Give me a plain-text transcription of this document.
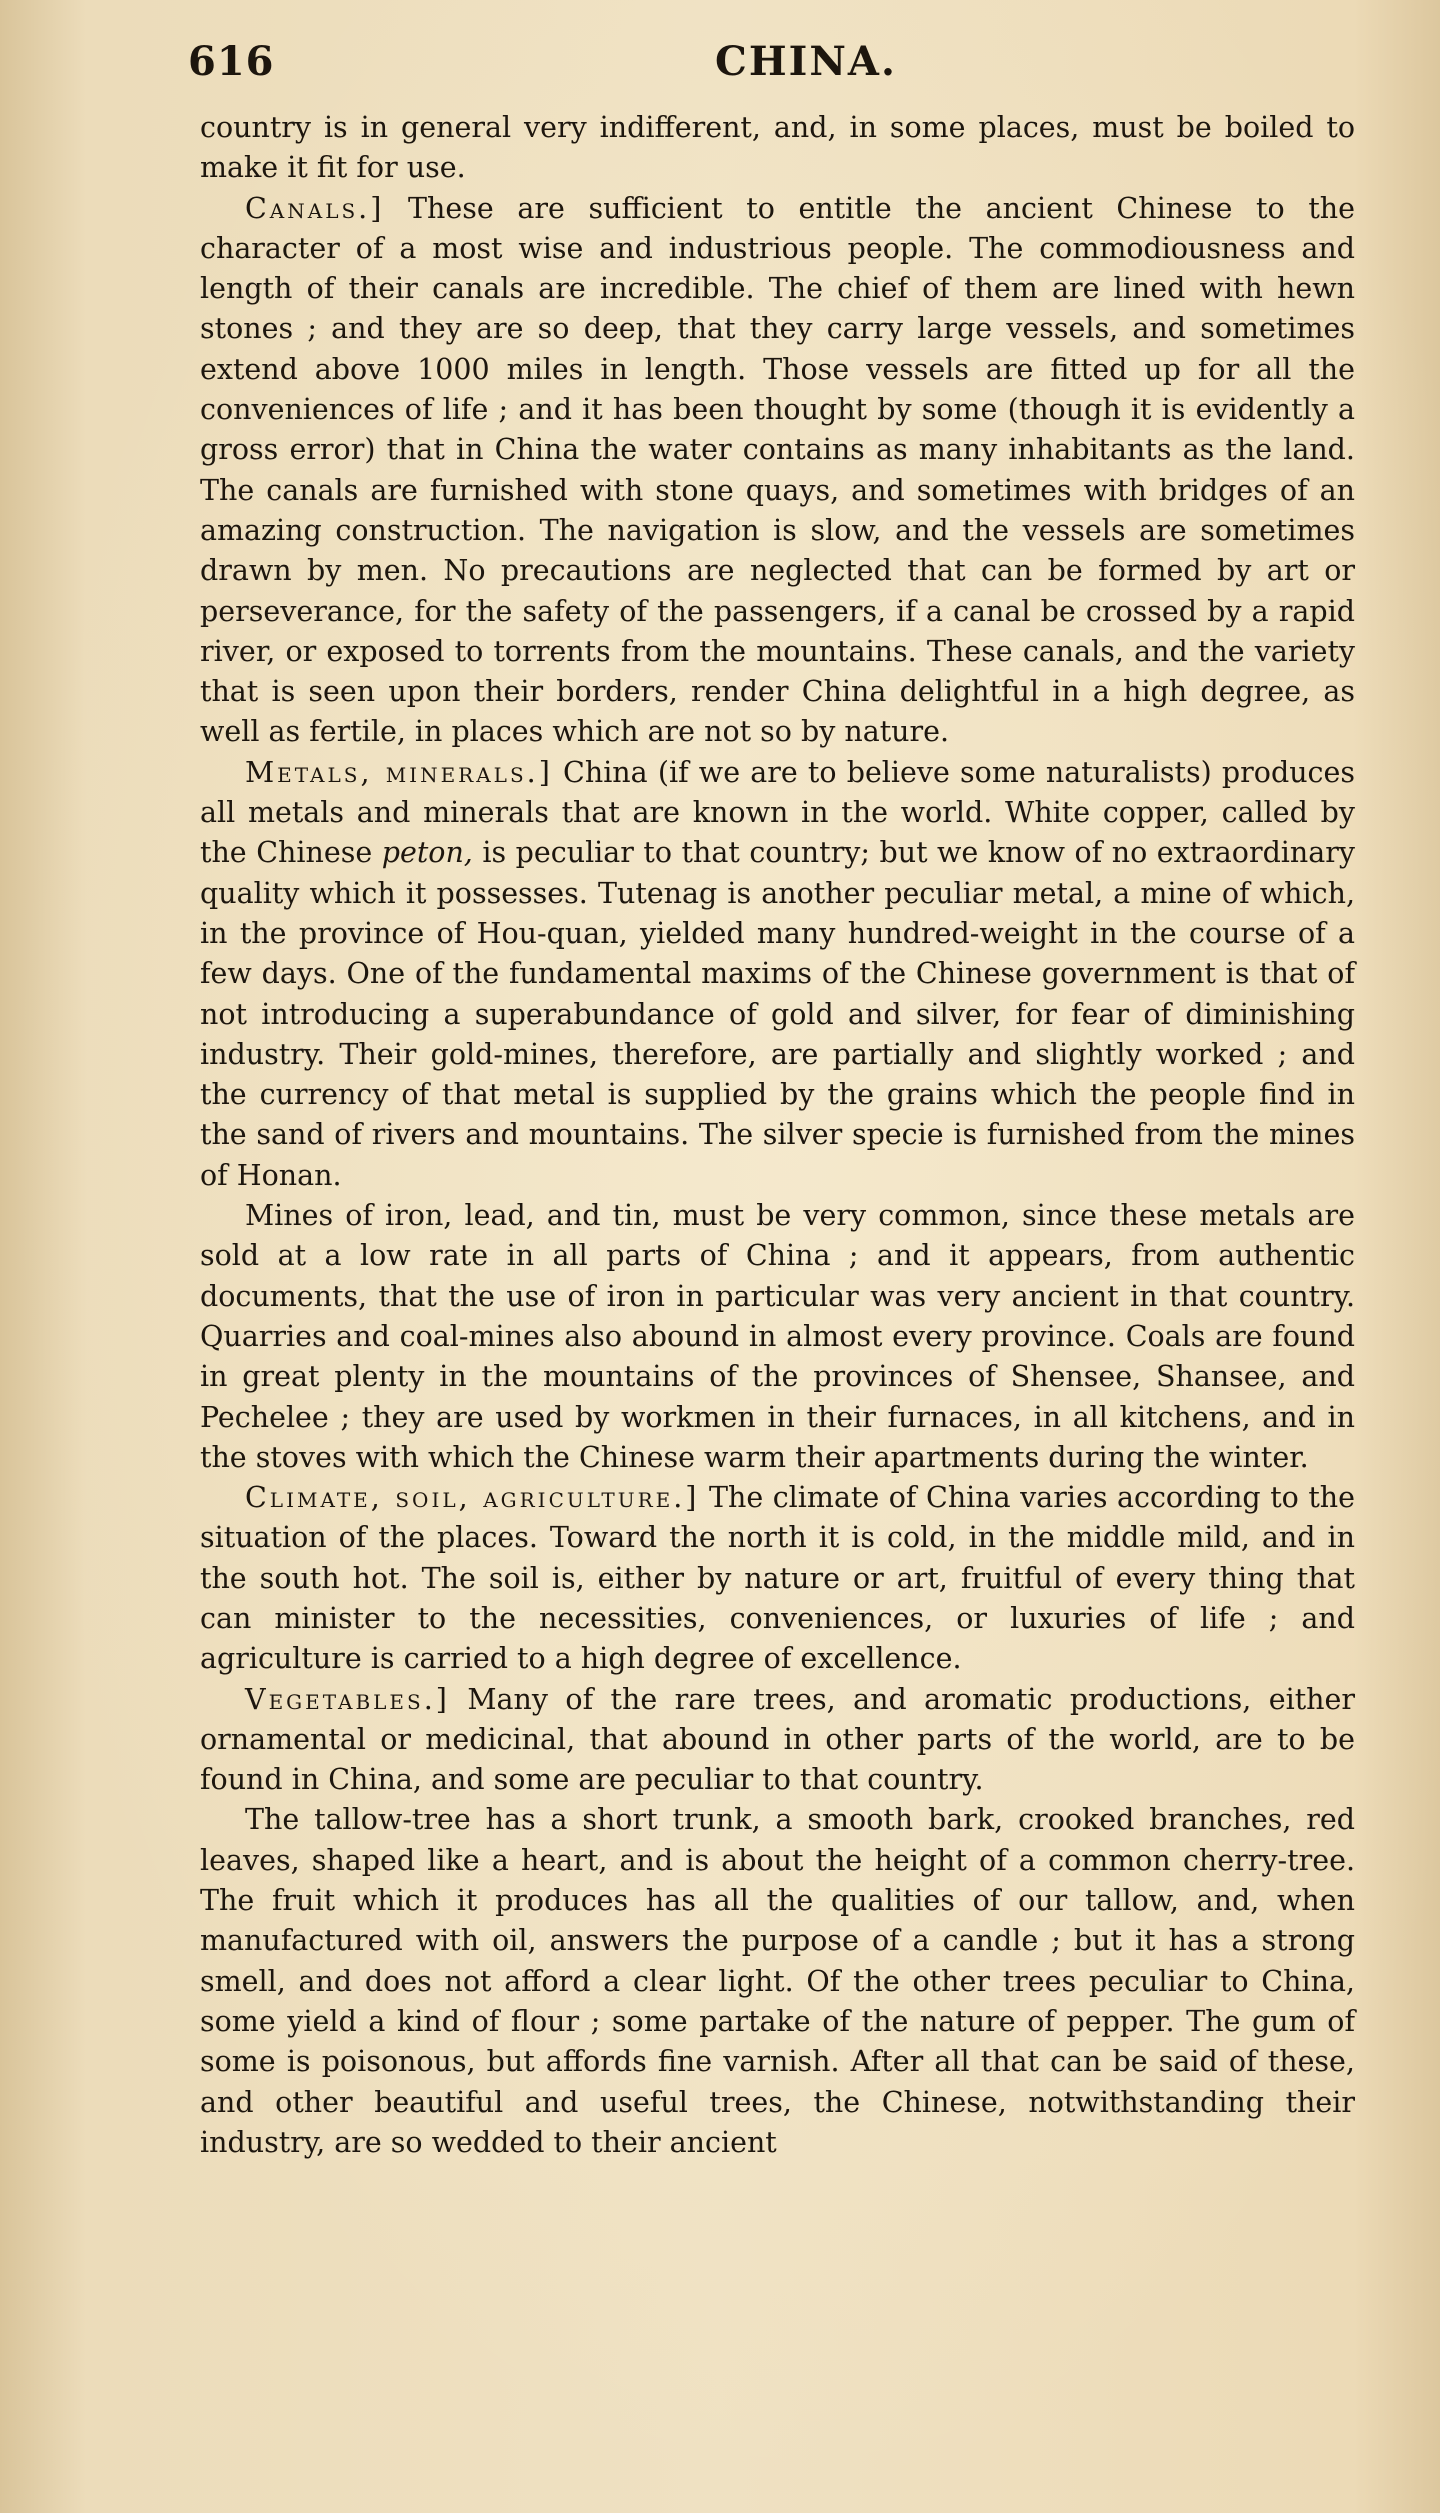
616	CHINA.

country is in general very indifferent, and, in some places, must be boiled to make it fit for use.

Canals.] These are sufficient to entitle the ancient Chinese to the character of a most wise and industrious people. The commodiousness and length of their canals are incredible. The chief of them are lined with hewn stones ; and they are so deep, that they carry large vessels, and sometimes extend above 1000 miles in length. Those vessels are fitted up for all the conveniences of life ; and it has been thought by some (though it is evidently a gross error) that in China the water contains as many inhabitants as the land. The canals are furnished with stone quays, and sometimes with bridges of an amazing construction. The navigation is slow, and the vessels are sometimes drawn by men. No precautions are neglected that can be formed by art or perseverance, for the safety of the passengers, if a canal be crossed by a rapid river, or exposed to torrents from the mountains. These canals, and the variety that is seen upon their borders, render China delightful in a high degree, as well as fertile, in places which are not so by nature.

Metals, minerals.] China (if we are to believe some naturalists) produces all metals and minerals that are known in the world. White copper, called by the Chinese peton, is peculiar to that country; but we know of no extraordinary quality which it possesses. Tutenag is another peculiar metal, a mine of which, in the province of Hou-quan, yielded many hundred-weight in the course of a few days. One of the fundamental maxims of the Chinese government is that of not introducing a superabundance of gold and silver, for fear of diminishing industry. Their gold-mines, therefore, are partially and slightly worked ; and the currency of that metal is supplied by the grains which the people find in the sand of rivers and mountains. The silver specie is furnished from the mines of Honan.

Mines of iron, lead, and tin, must be very common, since these metals are sold at a low rate in all parts of China ; and it appears, from authentic documents, that the use of iron in particular was very ancient in that country. Quarries and coal-mines also abound in almost every province. Coals are found in great plenty in the mountains of the provinces of Shensee, Shansee, and Pechelee ; they are used by workmen in their furnaces, in all kitchens, and in the stoves with which the Chinese warm their apartments during the winter.

Climate, soil, agriculture.] The climate of China varies according to the situation of the places. Toward the north it is cold, in the middle mild, and in the south hot. The soil is, either by nature or art, fruitful of every thing that can minister to the necessities, conveniences, or luxuries of life ; and agriculture is carried to a high degree of excellence.

Vegetables.] Many of the rare trees, and aromatic productions, either ornamental or medicinal, that abound in other parts of the world, are to be found in China, and some are peculiar to that country.

The tallow-tree has a short trunk, a smooth bark, crooked branches, red leaves, shaped like a heart, and is about the height of a common cherry-tree. The fruit which it produces has all the qualities of our tallow, and, when manufactured with oil, answers the purpose of a candle ; but it has a strong smell, and does not afford a clear light. Of the other trees peculiar to China, some yield a kind of flour ; some partake of the nature of pepper. The gum of some is poisonous, but affords fine varnish. After all that can be said of these, and other beautiful and useful trees, the Chinese, notwithstanding their industry, are so wedded to their ancient
